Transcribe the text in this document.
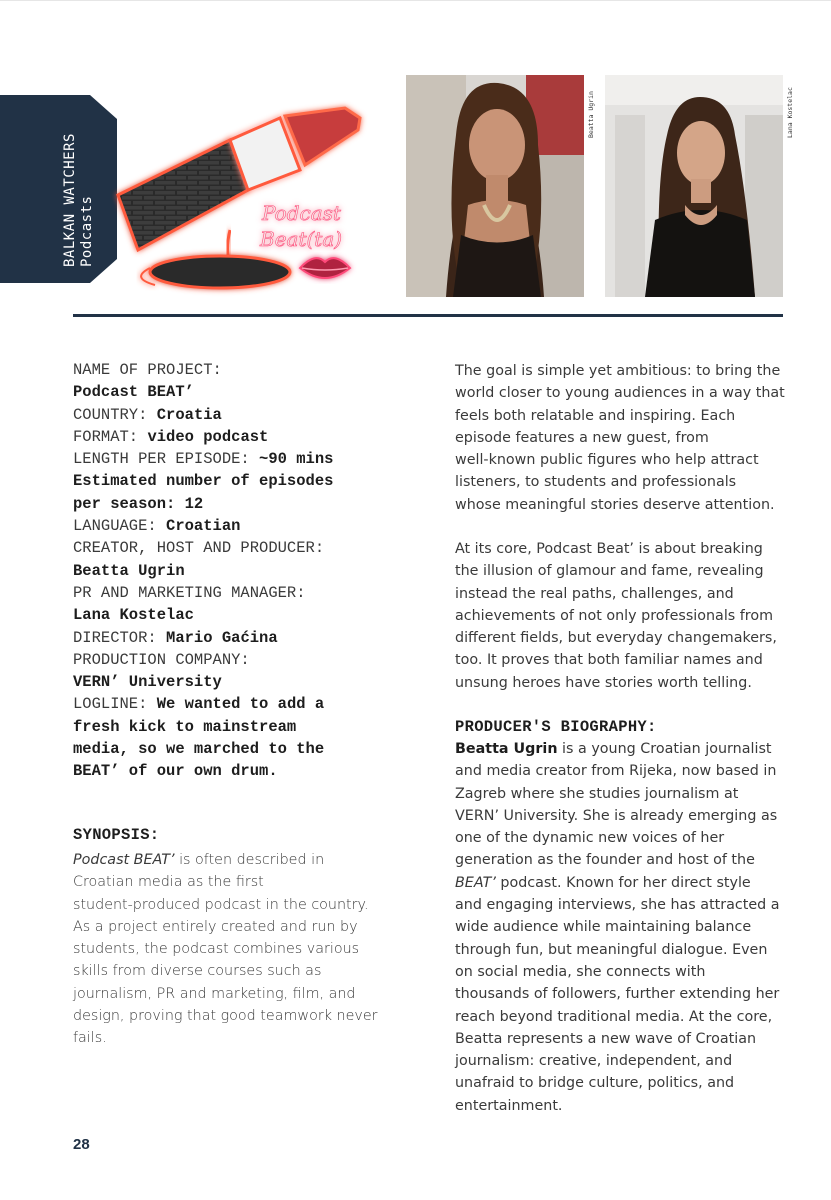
BALKAN WATCHERS Podcasts	Podcast
Beat(ta)
Beatta Ugrin	Lana Kostelac
NAME OF PROJECT:
Podcast BEAT’
COUNTRY: Croatia
FORMAT: video podcast
LENGTH PER EPISODE: ~90 mins
Estimated number of episodes
per season: 12
LANGUAGE: Croatian
CREATOR, HOST AND PRODUCER:
Beatta Ugrin
PR AND MARKETING MANAGER:
Lana Kostelac
DIRECTOR: Mario Gaćina
PRODUCTION COMPANY:
VERN’ University
LOGLINE: We wanted to add a
fresh kick to mainstream
media, so we marched to the
BEAT’ of our own drum.
SYNOPSIS:
Podcast BEAT’ is often described in
Croatian media as the first
student-produced podcast in the country.
As a project entirely created and run by
students, the podcast combines various
skills from diverse courses such as
journalism, PR and marketing, film, and
design, proving that good teamwork never
fails.
The goal is simple yet ambitious: to bring the
world closer to young audiences in a way that
feels both relatable and inspiring. Each
episode features a new guest, from
well-known public figures who help attract
listeners, to students and professionals
whose meaningful stories deserve attention.
At its core, Podcast Beat’ is about breaking
the illusion of glamour and fame, revealing
instead the real paths, challenges, and
achievements of not only professionals from
different fields, but everyday changemakers,
too. It proves that both familiar names and
unsung heroes have stories worth telling.
PRODUCER'S BIOGRAPHY:
Beatta Ugrin is a young Croatian journalist
and media creator from Rijeka, now based in
Zagreb where she studies journalism at
VERN’ University. She is already emerging as
one of the dynamic new voices of her
generation as the founder and host of the
BEAT’ podcast. Known for her direct style
and engaging interviews, she has attracted a
wide audience while maintaining balance
through fun, but meaningful dialogue. Even
on social media, she connects with
thousands of followers, further extending her
reach beyond traditional media. At the core,
Beatta represents a new wave of Croatian
journalism: creative, independent, and
unafraid to bridge culture, politics, and
entertainment.
28
